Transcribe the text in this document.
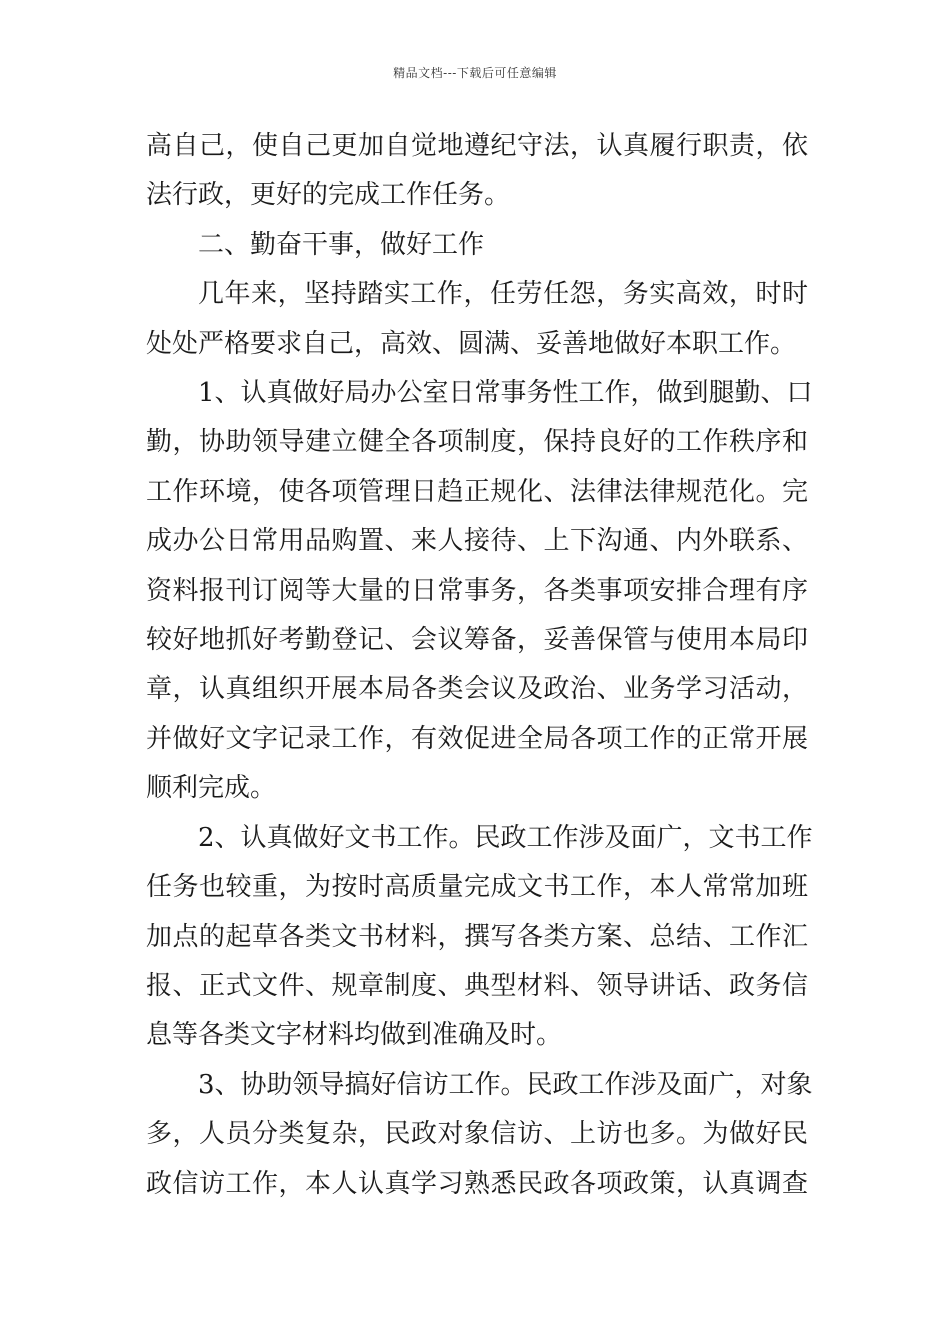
精品文档---下载后可任意编辑

高自己，使自己更加自觉地遵纪守法，认真履行职责，依
法行政，更好的完成工作任务。

二、勤奋干事，做好工作

几年来，坚持踏实工作，任劳任怨，务实高效，时时
处处严格要求自己，高效、圆满、妥善地做好本职工作。

1、认真做好局办公室日常事务性工作，做到腿勤、口
勤，协助领导建立健全各项制度，保持良好的工作秩序和
工作环境，使各项管理日趋正规化、法律法律规范化。完
成办公日常用品购置、来人接待、上下沟通、内外联系、
资料报刊订阅等大量的日常事务，各类事项安排合理有序
较好地抓好考勤登记、会议筹备，妥善保管与使用本局印
章，认真组织开展本局各类会议及政治、业务学习活动，
并做好文字记录工作，有效促进全局各项工作的正常开展
顺利完成。

2、认真做好文书工作。民政工作涉及面广，文书工作
任务也较重，为按时高质量完成文书工作，本人常常加班
加点的起草各类文书材料，撰写各类方案、总结、工作汇
报、正式文件、规章制度、典型材料、领导讲话、政务信
息等各类文字材料均做到准确及时。

3、协助领导搞好信访工作。民政工作涉及面广，对象
多，人员分类复杂，民政对象信访、上访也多。为做好民
政信访工作，本人认真学习熟悉民政各项政策，认真调查
